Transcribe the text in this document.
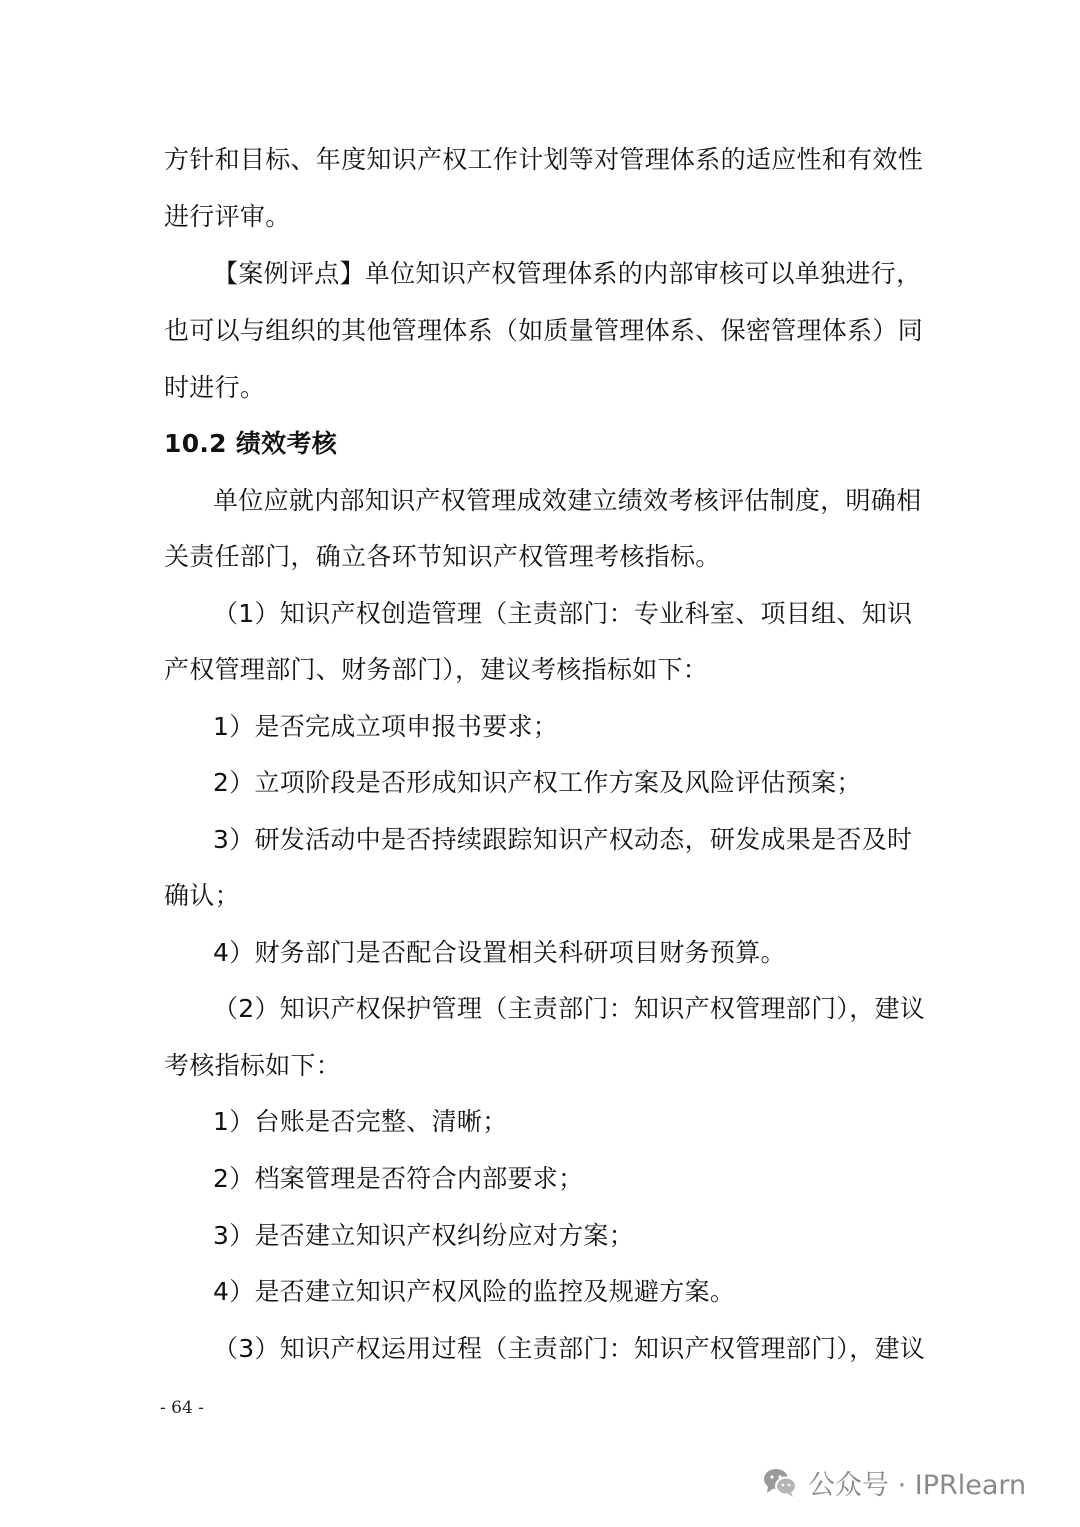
方针和目标、年度知识产权工作计划等对管理体系的适应性和有效性
进行评审。
【案例评点】单位知识产权管理体系的内部审核可以单独进行，
也可以与组织的其他管理体系（如质量管理体系、保密管理体系）同
时进行。
10.2 绩效考核
单位应就内部知识产权管理成效建立绩效考核评估制度，明确相
关责任部门，确立各环节知识产权管理考核指标。
（1）知识产权创造管理（主责部门：专业科室、项目组、知识
产权管理部门、财务部门），建议考核指标如下：
1）是否完成立项申报书要求；
2）立项阶段是否形成知识产权工作方案及风险评估预案；
3）研发活动中是否持续跟踪知识产权动态，研发成果是否及时
确认；
4）财务部门是否配合设置相关科研项目财务预算。
（2）知识产权保护管理（主责部门：知识产权管理部门），建议
考核指标如下：
1）台账是否完整、清晰；
2）档案管理是否符合内部要求；
3）是否建立知识产权纠纷应对方案；
4）是否建立知识产权风险的监控及规避方案。
（3）知识产权运用过程（主责部门：知识产权管理部门），建议
- 64 -
公众号 · IPRlearn
